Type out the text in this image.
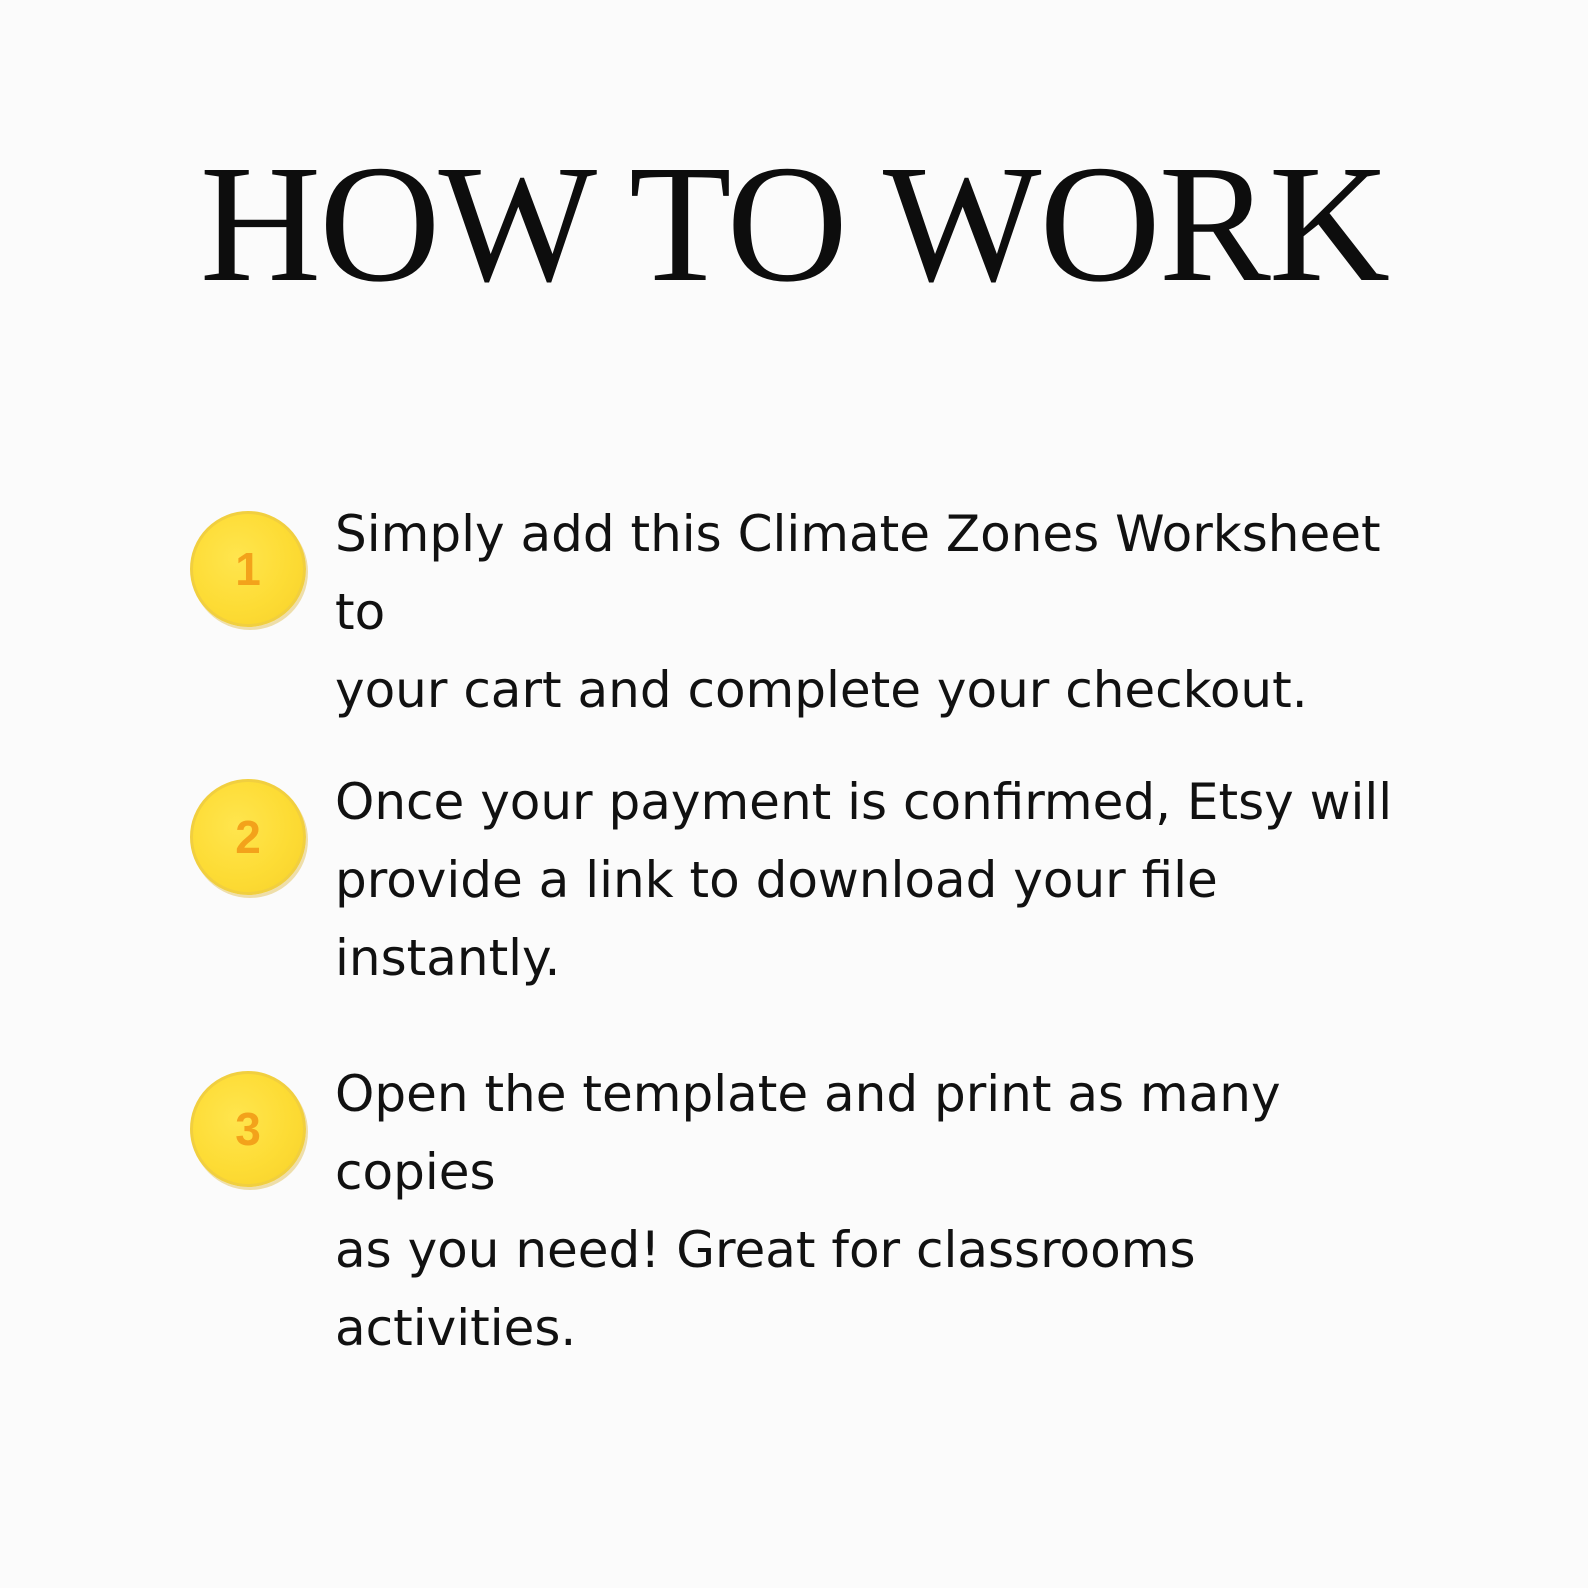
HOW TO WORK
1
Simply add this Climate Zones Worksheet to
your cart and complete your checkout.
2
Once your payment is confirmed, Etsy will
provide a link to download your file instantly.
3
Open the template and print as many copies
as you need! Great for classrooms activities.
